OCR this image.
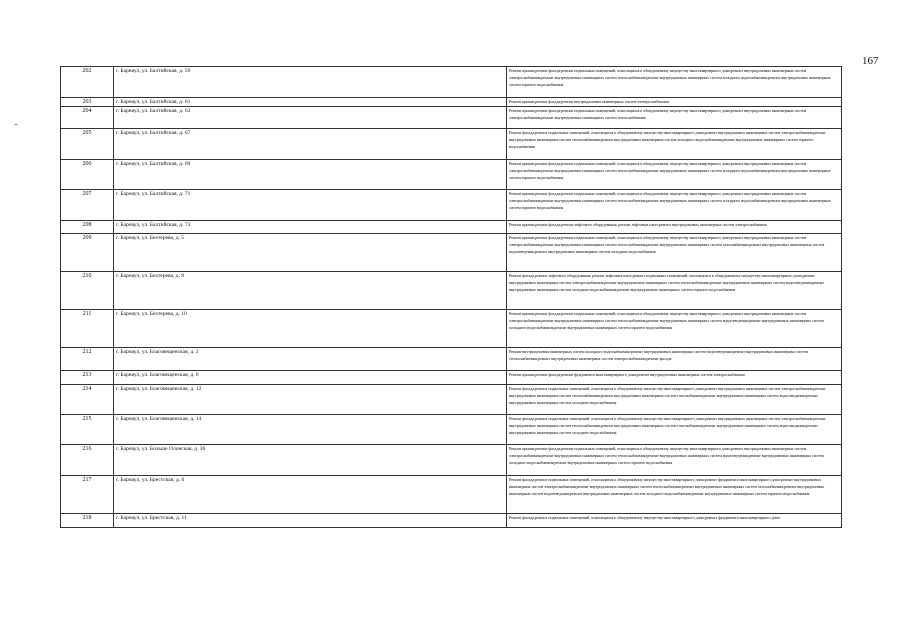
167
202	г. Барнаул, ул. Балтийская, д. 59	Ремонт крыши;ремонт фасада;ремонт подвальных помещений, относящихся к общедомовому имуществу многоквартирного дома;ремонт внутридомовых инженерных систем электроснабжения;ремонт внутридомовых инженерных систем теплоснабжения;ремонт внутридомовых инженерных систем холодного водоснабжения;ремонт внутридомовых инженерных систем горячего водоснабжения
203	г. Барнаул, ул. Балтийская, д. 61	Ремонт крыши;ремонт фасада;ремонт внутридомовых инженерных систем электроснабжения
204	г. Барнаул, ул. Балтийская, д. 63	Ремонт крыши;ремонт фасада;ремонт подвальных помещений, относящихся к общедомовому имуществу многоквартирного дома;ремонт внутридомовых инженерных систем электроснабжения;ремонт внутридомовых инженерных систем теплоснабжения
205	г. Барнаул, ул. Балтийская, д. 67	Ремонт фасада;ремонт подвальных помещений, относящихся к общедомовому имуществу многоквартирного дома;ремонт внутридомовых инженерных систем электроснабжения;ремонт внутридомовых инженерных систем теплоснабжения;ремонт внутридомовых инженерных систем холодного водоснабжения;ремонт внутридомовых инженерных систем горячего водоснабжения
206	г. Барнаул, ул. Балтийская, д. 69	Ремонт крыши;ремонт фасада;ремонт подвальных помещений, относящихся к общедомовому имуществу многоквартирного дома;ремонт внутридомовых инженерных систем электроснабжения;ремонт внутридомовых инженерных систем теплоснабжения;ремонт внутридомовых инженерных систем холодного водоснабжения;ремонт внутридомовых инженерных систем горячего водоснабжения
207	г. Барнаул, ул. Балтийская, д. 71	Ремонт крыши;ремонт фасада;ремонт подвальных помещений, относящихся к общедомовому имуществу многоквартирного дома;ремонт внутридомовых инженерных систем электроснабжения;ремонт внутридомовых инженерных систем теплоснабжения;ремонт внутридомовых инженерных систем холодного водоснабжения;ремонт внутридомовых инженерных систем горячего водоснабжения
208	г. Барнаул, ул. Балтийская, д. 73	Ремонт крыши;ремонт фасада;ремонт лифтового оборудования, ремонт лифтовых шахт;ремонт внутридомовых инженерных систем электроснабжения
209	г. Барнаул, ул. Бехтерева, д. 5	Ремонт крыши;ремонт фасада;ремонт подвальных помещений, относящихся к общедомовому имуществу многоквартирного дома;ремонт внутридомовых инженерных систем электроснабжения;ремонт внутридомовых инженерных систем теплоснабжения;ремонт внутридомовых инженерных систем газоснабжения;ремонт внутридомовых инженерных систем водоотведения;ремонт внутридомовых инженерных систем холодного водоснабжения
210	г. Барнаул, ул. Бехтерева, д. 8	Ремонт фасада;ремонт лифтового оборудования, ремонт лифтовых шахт;ремонт подвальных помещений, относящихся к общедомовому имуществу многоквартирного дома;ремонт внутридомовых инженерных систем электроснабжения;ремонт внутридомовых инженерных систем теплоснабжения;ремонт внутридомовых инженерных систем водоотведения;ремонт внутридомовых инженерных систем холодного водоснабжения;ремонт внутридомовых инженерных систем горячего водоснабжения
211	г. Барнаул, ул. Бехтерева, д. 10	Ремонт крыши;ремонт фасада;ремонт подвальных помещений, относящихся к общедомовому имуществу многоквартирного дома;ремонт внутридомовых инженерных систем электроснабжения;ремонт внутридомовых инженерных систем теплоснабжения;ремонт внутридомовых инженерных систем водоотведения;ремонт внутридомовых инженерных систем холодного водоснабжения;ремонт внутридомовых инженерных систем горячего водоснабжения
212	г. Барнаул, ул. Благовещенская, д. 2	Ремонт внутридомовых инженерных систем холодного водоснабжения;ремонт внутридомовых инженерных систем водоотведения;ремонт внутридомовых инженерных систем теплоснабжения;ремонт внутридомовых инженерных систем электроснабжения;ремонт фасада
213	г. Барнаул, ул. Благовещенская, д. 8	Ремонт крыши;ремонт фасада;ремонт фундамента многоквартирного дома;ремонт внутридомовых инженерных систем электроснабжения
214	г. Барнаул, ул. Благовещенская, д. 12	Ремонт фасада;ремонт подвальных помещений, относящихся к общедомовому имуществу многоквартирного дома;ремонт внутридомовых инженерных систем электроснабжения;ремонт внутридомовых инженерных систем теплоснабжения;ремонт внутридомовых инженерных систем газоснабжения;ремонт внутридомовых инженерных систем водоотведения;ремонт внутридомовых инженерных систем холодного водоснабжения
215	г. Барнаул, ул. Благовещенская, д. 14	Ремонт фасада;ремонт подвальных помещений, относящихся к общедомовому имуществу многоквартирного дома;ремонт внутридомовых инженерных систем электроснабжения;ремонт внутридомовых инженерных систем теплоснабжения;ремонт внутридомовых инженерных систем газоснабжения;ремонт внутридомовых инженерных систем водоотведения;ремонт внутридомовых инженерных систем холодного водоснабжения
216	г. Барнаул, ул. Больше Олонская, д. 36	Ремонт крыши;ремонт фасада;ремонт подвальных помещений, относящихся к общедомовому имуществу многоквартирного дома;ремонт внутридомовых инженерных систем электроснабжения;ремонт внутридомовых инженерных систем теплоснабжения;ремонт внутридомовых инженерных систем водоотведения;ремонт внутридомовых инженерных систем холодного водоснабжения;ремонт внутридомовых инженерных систем горячего водоснабжения
217	г. Барнаул, ул. Брестская, д. 6	Ремонт фасада;ремонт подвальных помещений, относящихся к общедомовому имуществу многоквартирного дома;ремонт фундамента многоквартирного дома;ремонт внутридомовых инженерных систем электроснабжения;ремонт внутридомовых инженерных систем теплоснабжения;ремонт внутридомовых инженерных систем газоснабжения;ремонт внутридомовых инженерных систем водоотведения;ремонт внутридомовых инженерных систем холодного водоснабжения;ремонт внутридомовых инженерных систем горячего водоснабжения
218	г. Барнаул, ул. Брестская, д. 11	Ремонт фасада;ремонт подвальных помещений, относящихся к общедомовому имуществу многоквартирного дома;ремонт фундамента многоквартирного дома
